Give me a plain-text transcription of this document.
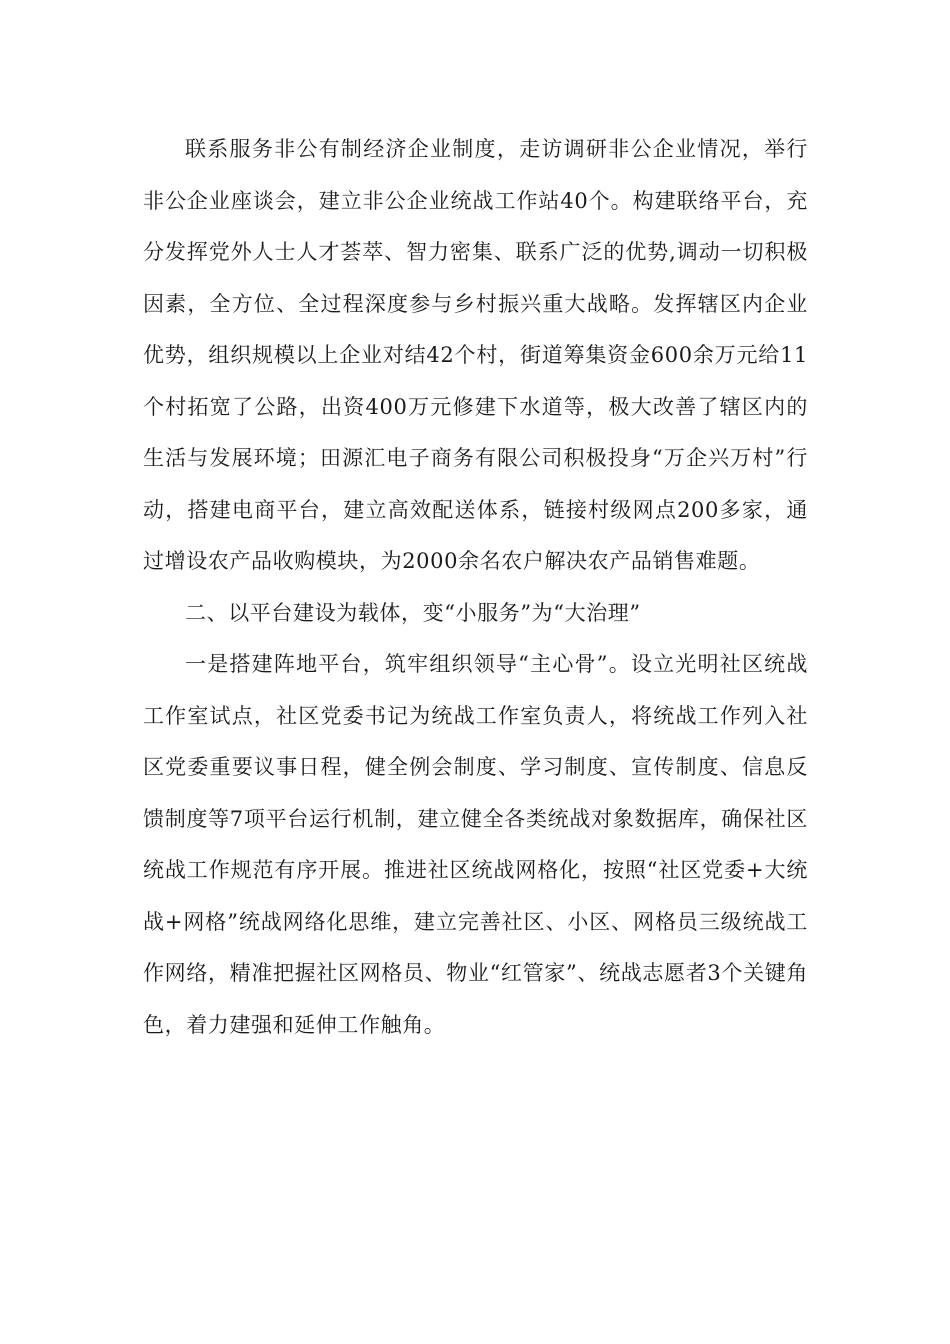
联系服务非公有制经济企业制度，走访调研非公企业情况，举行非公企业座谈会，建立非公企业统战工作站40个。构建联络平台，充分发挥党外人士人才荟萃、智力密集、联系广泛的优势,调动一切积极因素，全方位、全过程深度参与乡村振兴重大战略。发挥辖区内企业优势，组织规模以上企业对结42个村，街道筹集资金600余万元给11个村拓宽了公路，出资400万元修建下水道等，极大改善了辖区内的生活与发展环境；田源汇电子商务有限公司积极投身“万企兴万村”行动，搭建电商平台，建立高效配送体系，链接村级网点200多家，通过增设农产品收购模块，为2000余名农户解决农产品销售难题。

二、以平台建设为载体，变“小服务”为“大治理”

一是搭建阵地平台，筑牢组织领导“主心骨”。设立光明社区统战工作室试点，社区党委书记为统战工作室负责人，将统战工作列入社区党委重要议事日程，健全例会制度、学习制度、宣传制度、信息反馈制度等7项平台运行机制，建立健全各类统战对象数据库，确保社区统战工作规范有序开展。推进社区统战网格化，按照“社区党委+大统战+网格”统战网络化思维，建立完善社区、小区、网格员三级统战工作网络，精准把握社区网格员、物业“红管家”、统战志愿者3个关键角色，着力建强和延伸工作触角。
